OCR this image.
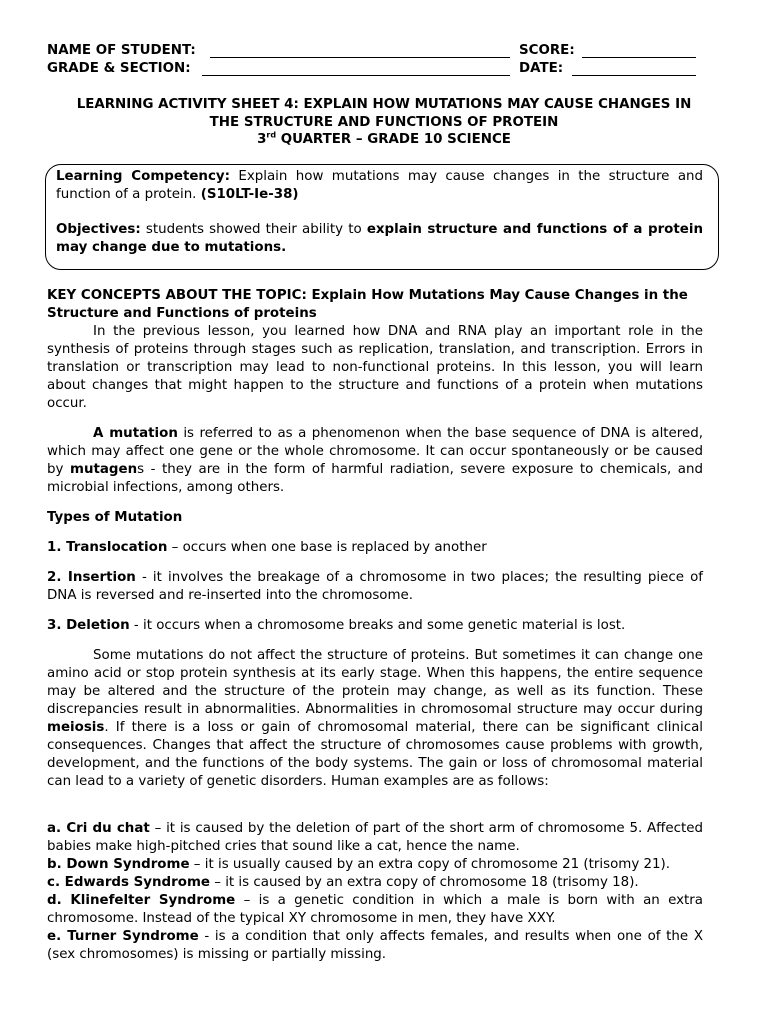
NAME OF STUDENT:	SCORE:
GRADE & SECTION:	DATE:
LEARNING ACTIVITY SHEET 4: EXPLAIN HOW MUTATIONS MAY CAUSE CHANGES IN
THE STRUCTURE AND FUNCTIONS OF PROTEIN
3rd QUARTER – GRADE 10 SCIENCE
Learning Competency: Explain how mutations may cause changes in the structure and function of a protein. (S10LT-Ie-38)
Objectives: students showed their ability to explain structure and functions of a protein may change due to mutations.
KEY CONCEPTS ABOUT THE TOPIC: Explain How Mutations May Cause Changes in the Structure and Functions of proteins
In the previous lesson, you learned how DNA and RNA play an important role in the synthesis of proteins through stages such as replication, translation, and transcription. Errors in translation or transcription may lead to non-functional proteins. In this lesson, you will learn about changes that might happen to the structure and functions of a protein when mutations occur.
A mutation is referred to as a phenomenon when the base sequence of DNA is altered, which may affect one gene or the whole chromosome. It can occur spontaneously or be caused by mutagens - they are in the form of harmful radiation, severe exposure to chemicals, and microbial infections, among others.
Types of Mutation
1. Translocation – occurs when one base is replaced by another
2. Insertion - it involves the breakage of a chromosome in two places; the resulting piece of DNA is reversed and re-inserted into the chromosome.
3. Deletion - it occurs when a chromosome breaks and some genetic material is lost.
Some mutations do not affect the structure of proteins. But sometimes it can change one amino acid or stop protein synthesis at its early stage. When this happens, the entire sequence may be altered and the structure of the protein may change, as well as its function. These discrepancies result in abnormalities. Abnormalities in chromosomal structure may occur during meiosis. If there is a loss or gain of chromosomal material, there can be significant clinical consequences. Changes that affect the structure of chromosomes cause problems with growth, development, and the functions of the body systems. The gain or loss of chromosomal material can lead to a variety of genetic disorders. Human examples are as follows:
a. Cri du chat – it is caused by the deletion of part of the short arm of chromosome 5. Affected babies make high-pitched cries that sound like a cat, hence the name.
b. Down Syndrome – it is usually caused by an extra copy of chromosome 21 (trisomy 21).
c. Edwards Syndrome – it is caused by an extra copy of chromosome 18 (trisomy 18).
d. Klinefelter Syndrome – is a genetic condition in which a male is born with an extra chromosome. Instead of the typical XY chromosome in men, they have XXY.
e. Turner Syndrome - is a condition that only affects females, and results when one of the X (sex chromosomes) is missing or partially missing.
